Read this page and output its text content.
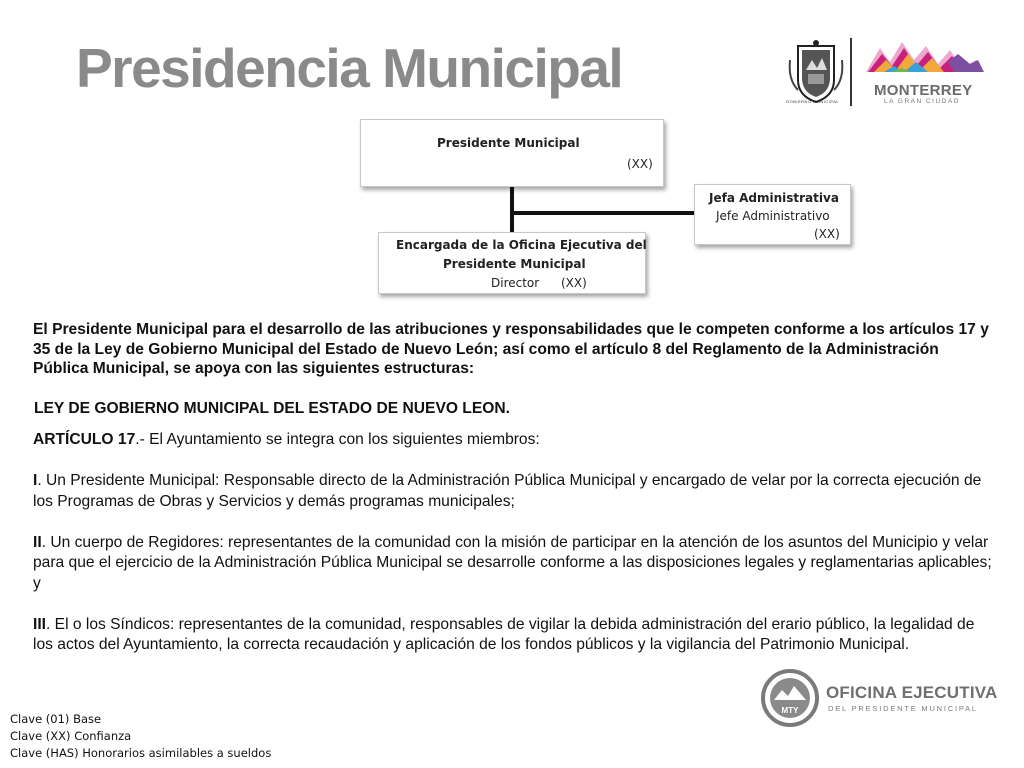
Presidencia Municipal
GOBIERNO MUNICIPAL
MONTERREY
LA GRAN CIUDAD
Presidente Municipal
(XX)
Jefa Administrativa
Jefe Administrativo
(XX)
Encargada de la Oficina Ejecutiva del
Presidente Municipal
Director (XX)
El Presidente Municipal para el desarrollo de las atribuciones y responsabilidades que le competen conforme a los artículos 17 y 35 de la Ley de Gobierno Municipal del Estado de Nuevo León; así como el artículo 8 del Reglamento de la Administración Pública Municipal, se apoya con las siguientes estructuras:
LEY DE GOBIERNO MUNICIPAL DEL ESTADO DE NUEVO LEON.

ARTÍCULO 17.- El Ayuntamiento se integra con los siguientes miembros:

I. Un Presidente Municipal: Responsable directo de la Administración Pública Municipal y encargado de velar por la correcta ejecución de los Programas de Obras y Servicios y demás programas municipales;

II. Un cuerpo de Regidores: representantes de la comunidad con la misión de participar en la atención de los asuntos del Municipio y velar para que el ejercicio de la Administración Pública Municipal se desarrolle conforme a las disposiciones legales y reglamentarias aplicables; y

III. El o los Síndicos: representantes de la comunidad, responsables de vigilar la debida administración del erario público, la legalidad de los actos del Ayuntamiento, la correcta recaudación y aplicación de los fondos públicos y la vigilancia del Patrimonio Municipal.

Clave (01) Base
Clave (XX) Confianza
Clave (HAS) Honorarios asimilables a sueldos
MTY
OFICINA EJECUTIVA
DEL PRESIDENTE MUNICIPAL
